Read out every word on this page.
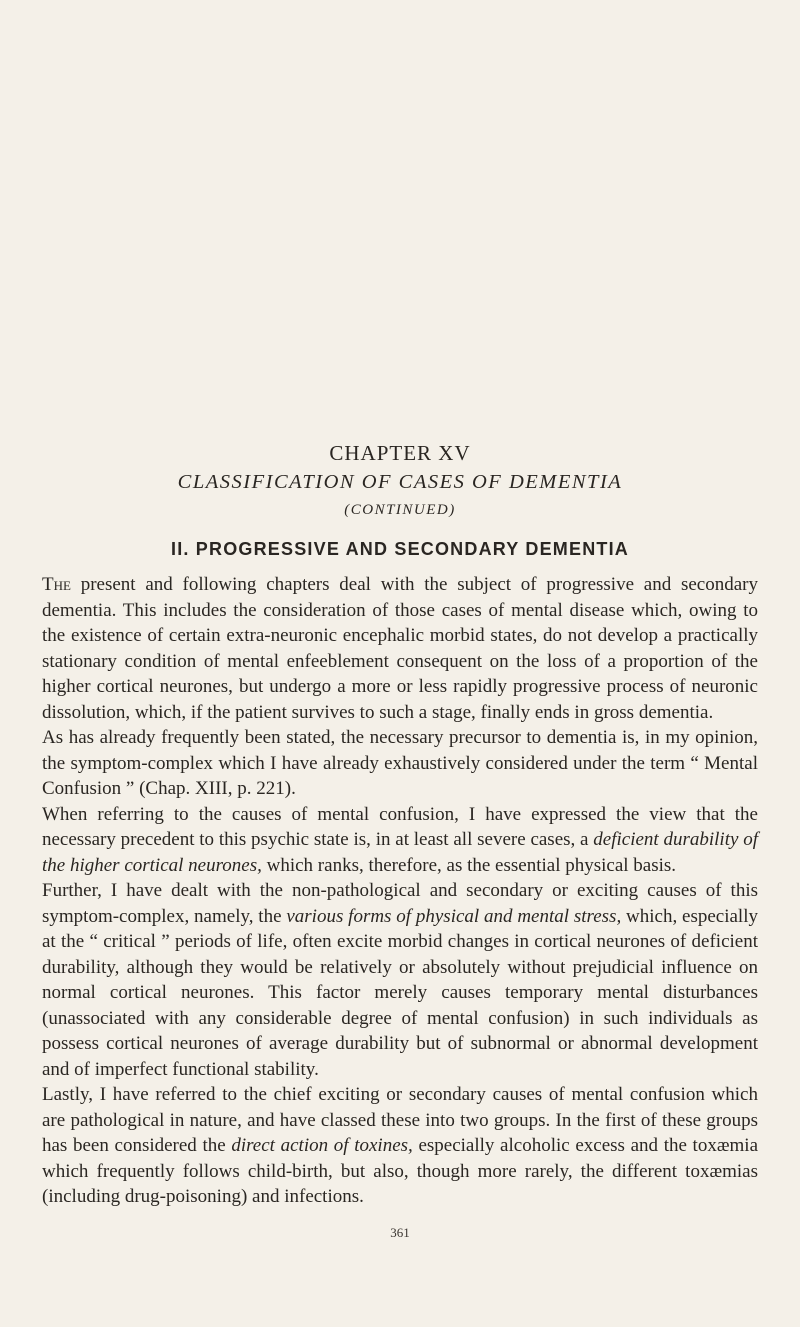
CHAPTER XV
CLASSIFICATION OF CASES OF DEMENTIA
(CONTINUED)
II. PROGRESSIVE AND SECONDARY DEMENTIA

The present and following chapters deal with the subject of progressive and secondary dementia. This includes the consideration of those cases of mental disease which, owing to the existence of certain extra-neuronic encephalic morbid states, do not develop a practically stationary condition of mental enfeeblement consequent on the loss of a proportion of the higher cortical neurones, but undergo a more or less rapidly progressive process of neuronic dissolution, which, if the patient survives to such a stage, finally ends in gross dementia.

As has already frequently been stated, the necessary precursor to dementia is, in my opinion, the symptom-complex which I have already exhaustively considered under the term “ Mental Confusion ” (Chap. XIII, p. 221).

When referring to the causes of mental confusion, I have expressed the view that the necessary precedent to this psychic state is, in at least all severe cases, a deficient durability of the higher cortical neurones, which ranks, therefore, as the essential physical basis.

Further, I have dealt with the non-pathological and secondary or exciting causes of this symptom-complex, namely, the various forms of physical and mental stress, which, especially at the “ critical ” periods of life, often excite morbid changes in cortical neurones of deficient durability, although they would be relatively or absolutely without prejudicial influence on normal cortical neurones. This factor merely causes temporary mental disturbances (unassociated with any considerable degree of mental confusion) in such individuals as possess cortical neurones of average durability but of subnormal or abnormal development and of imperfect functional stability.

Lastly, I have referred to the chief exciting or secondary causes of mental confusion which are pathological in nature, and have classed these into two groups. In the first of these groups has been considered the direct action of toxines, especially alcoholic excess and the toxæmia which frequently follows child-birth, but also, though more rarely, the different toxæmias (including drug-poisoning) and infections.

361
